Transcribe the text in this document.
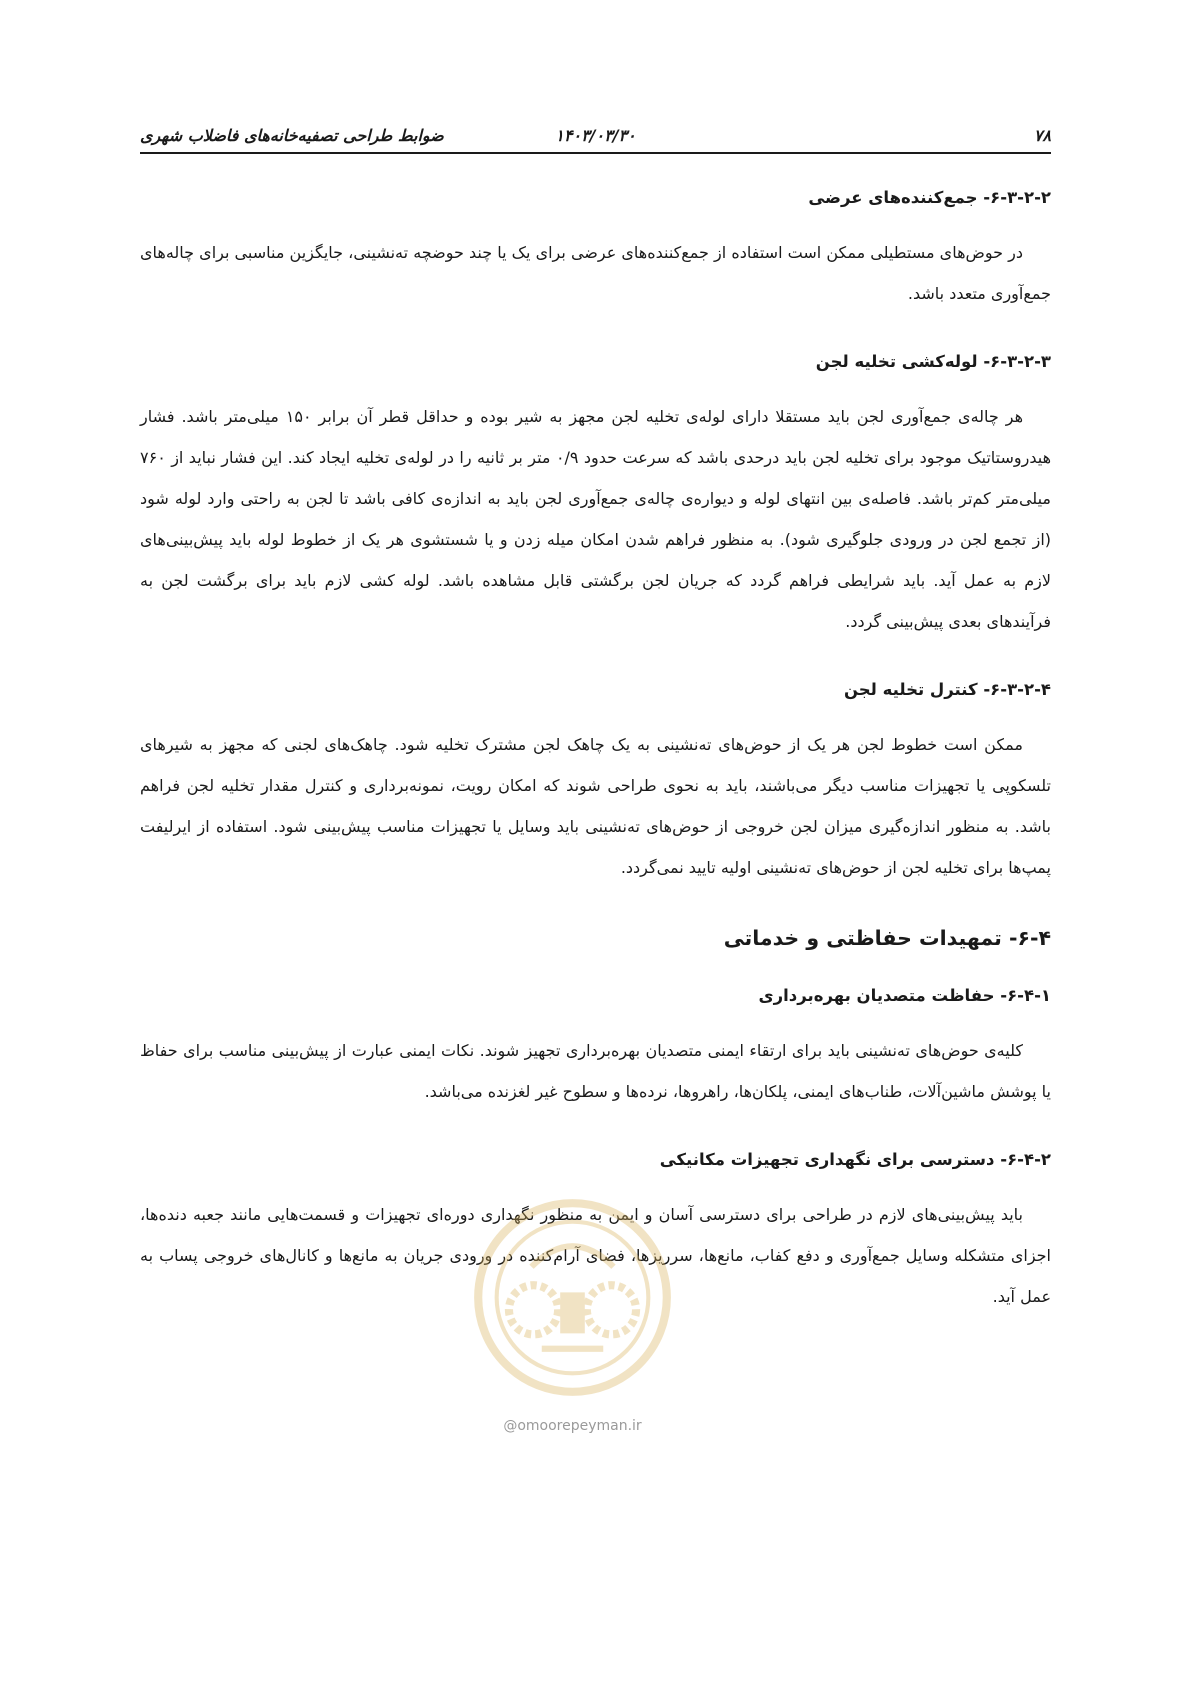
۷۸
۱۴۰۳/۰۳/۳۰
ضوابط طراحی تصفیه‌خانه‌های فاضلاب شهری
۶-۳-۲-۲- جمع‌کننده‌های عرضی

در حوض‌های مستطیلی ممکن است استفاده از جمع‌کننده‌های عرضی برای یک یا چند حوضچه ته‌نشینی، جایگزین مناسبی برای چاله‌های جمع‌آوری متعدد باشد.

۶-۳-۲-۳- لوله‌کشی تخلیه لجن

هر چاله‌ی جمع‌آوری لجن باید مستقلا دارای لوله‌ی تخلیه لجن مجهز به شیر بوده و حداقل قطر آن برابر ۱۵۰ میلی‌متر باشد. فشار هیدروستاتیک موجود برای تخلیه لجن باید درحدی باشد که سرعت حدود ۰/۹ متر بر ثانیه را در لوله‌ی تخلیه ایجاد کند. این فشار نباید از ۷۶۰ میلی‌متر کم‌تر باشد. فاصله‌ی بین انتهای لوله و دیواره‌ی چاله‌ی جمع‌آوری لجن باید به اندازه‌ی کافی باشد تا لجن به راحتی وارد لوله شود (از تجمع لجن در ورودی جلوگیری شود). به منظور فراهم شدن امکان میله زدن و یا شستشوی هر یک از خطوط لوله باید پیش‌بینی‌های لازم به عمل آید. باید شرایطی فراهم گردد که جریان لجن برگشتی قابل مشاهده باشد. لوله کشی لازم باید برای برگشت لجن به فرآیندهای بعدی پیش‌بینی گردد.

۶-۳-۲-۴- کنترل تخلیه لجن

ممکن است خطوط لجن هر یک از حوض‌های ته‌نشینی به یک چاهک لجن مشترک تخلیه شود. چاهک‌های لجنی که مجهز به شیرهای تلسکوپی یا تجهیزات مناسب دیگر می‌باشند، باید به نحوی طراحی شوند که امکان رویت، نمونه‌برداری و کنترل مقدار تخلیه لجن فراهم باشد. به منظور اندازه‌گیری میزان لجن خروجی از حوض‌های ته‌نشینی باید وسایل یا تجهیزات مناسب پیش‌بینی شود. استفاده از ایرلیفت پمپ‌ها برای تخلیه لجن از حوض‌های ته‌نشینی اولیه تایید نمی‌گردد.

۶-۴- تمهیدات حفاظتی و خدماتی
۶-۴-۱- حفاظت متصدیان بهره‌برداری

کلیه‌ی حوض‌های ته‌نشینی باید برای ارتقاء ایمنی متصدیان بهره‌برداری تجهیز شوند. نکات ایمنی عبارت از پیش‌بینی مناسب برای حفاظ یا پوشش ماشین‌آلات، طناب‌های ایمنی، پلکان‌ها، راهروها، نرده‌ها و سطوح غیر لغزنده می‌باشد.

۶-۴-۲- دسترسی برای نگهداری تجهیزات مکانیکی

باید پیش‌بینی‌های لازم در طراحی برای دسترسی آسان و ایمن به منظور نگهداری دوره‌ای تجهیزات و قسمت‌هایی مانند جعبه دنده‌ها، اجزای متشکله وسایل جمع‌آوری و دفع کفاب، مانع‌ها، سرریزها، فضای آرام‌کننده در ورودی جریان به مانع‌ها و کانال‌های خروجی پساب به عمل آید.

@omoorepeyman.ir
